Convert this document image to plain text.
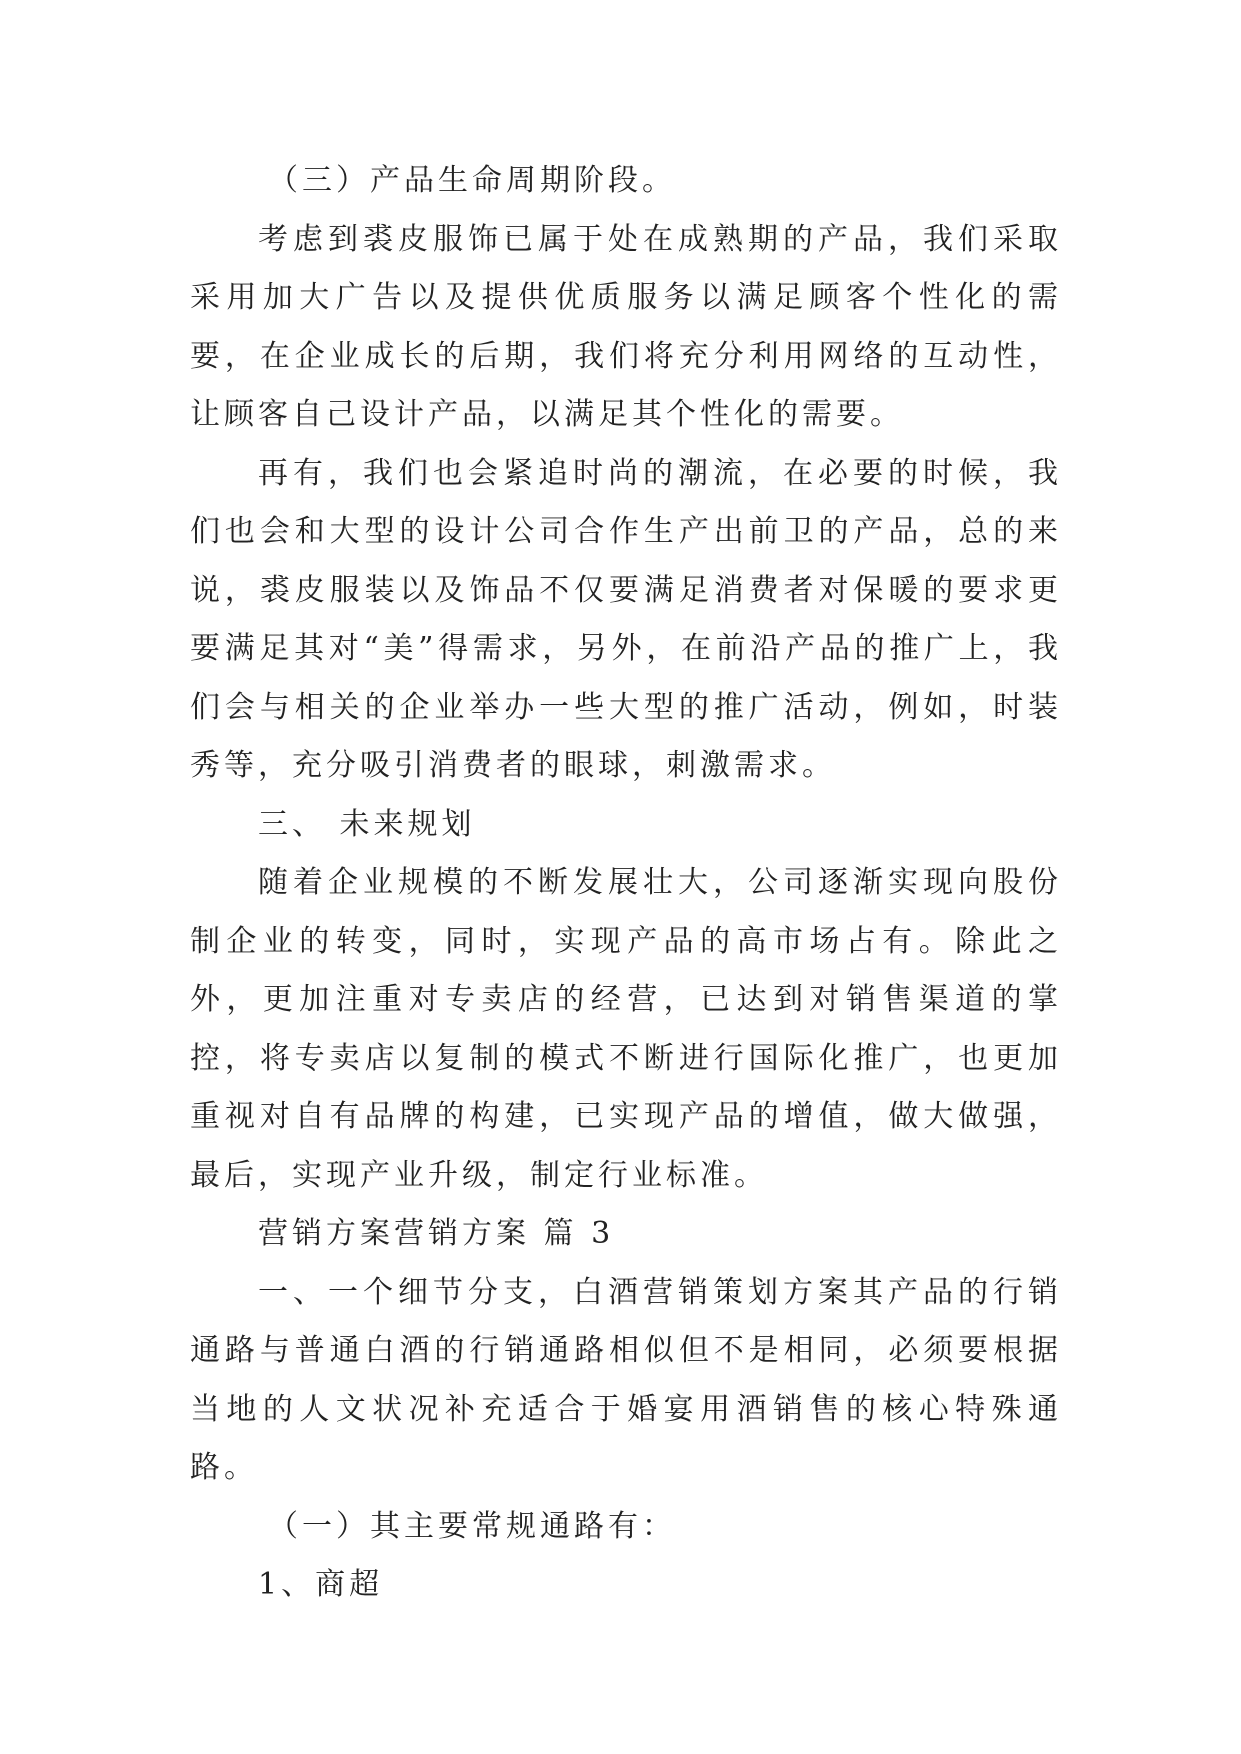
（三）产品生命周期阶段。

考虑到裘皮服饰已属于处在成熟期的产品，我们采取采用加大广告以及提供优质服务以满足顾客个性化的需要，在企业成长的后期，我们将充分利用网络的互动性，让顾客自己设计产品，以满足其个性化的需要。

再有，我们也会紧追时尚的潮流，在必要的时候，我们也会和大型的设计公司合作生产出前卫的产品，总的来说，裘皮服装以及饰品不仅要满足消费者对保暖的要求更要满足其对“美”得需求，另外，在前沿产品的推广上，我们会与相关的企业举办一些大型的推广活动，例如，时装秀等，充分吸引消费者的眼球，刺激需求。

三、 未来规划

随着企业规模的不断发展壮大，公司逐渐实现向股份制企业的转变，同时，实现产品的高市场占有。除此之外，更加注重对专卖店的经营，已达到对销售渠道的掌控，将专卖店以复制的模式不断进行国际化推广，也更加重视对自有品牌的构建，已实现产品的增值，做大做强，最后，实现产业升级，制定行业标准。

营销方案营销方案 篇 3

一、一个细节分支，白酒营销策划方案其产品的行销通路与普通白酒的行销通路相似但不是相同，必须要根据当地的人文状况补充适合于婚宴用酒销售的核心特殊通路。

（一）其主要常规通路有：

1、商超
